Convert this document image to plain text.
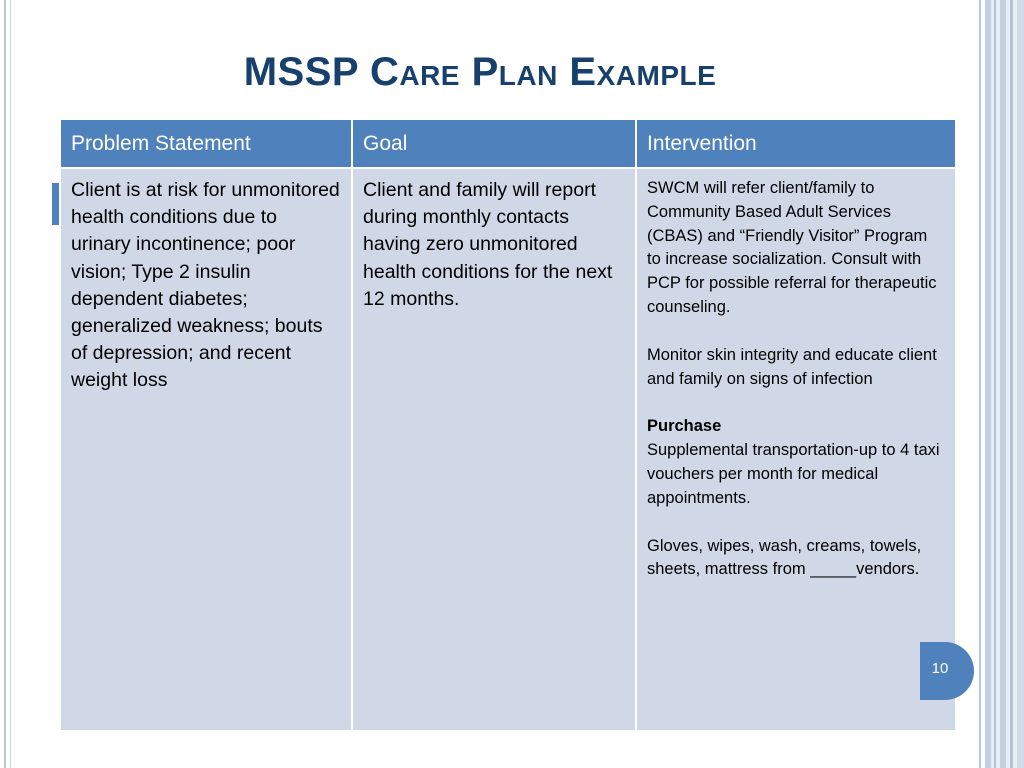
MSSP Care Plan Example
Problem Statement	Goal	Intervention
Client is at risk for unmonitored health conditions due to urinary incontinence; poor vision; Type 2 insulin dependent diabetes; generalized weakness; bouts of depression; and recent weight loss	Client and family will report during monthly contacts having zero unmonitored health conditions for the next 12 months.	SWCM will refer client/family to Community Based Adult Services (CBAS) and “Friendly Visitor” Program to increase socialization. Consult with PCP for possible referral for therapeutic counseling.

Monitor skin integrity and educate client and family on signs of infection

Purchase

Supplemental transportation-up to 4 taxi vouchers per month for medical appointments.

Gloves, wipes, wash, creams, towels, sheets, mattress from _____vendors.

10
